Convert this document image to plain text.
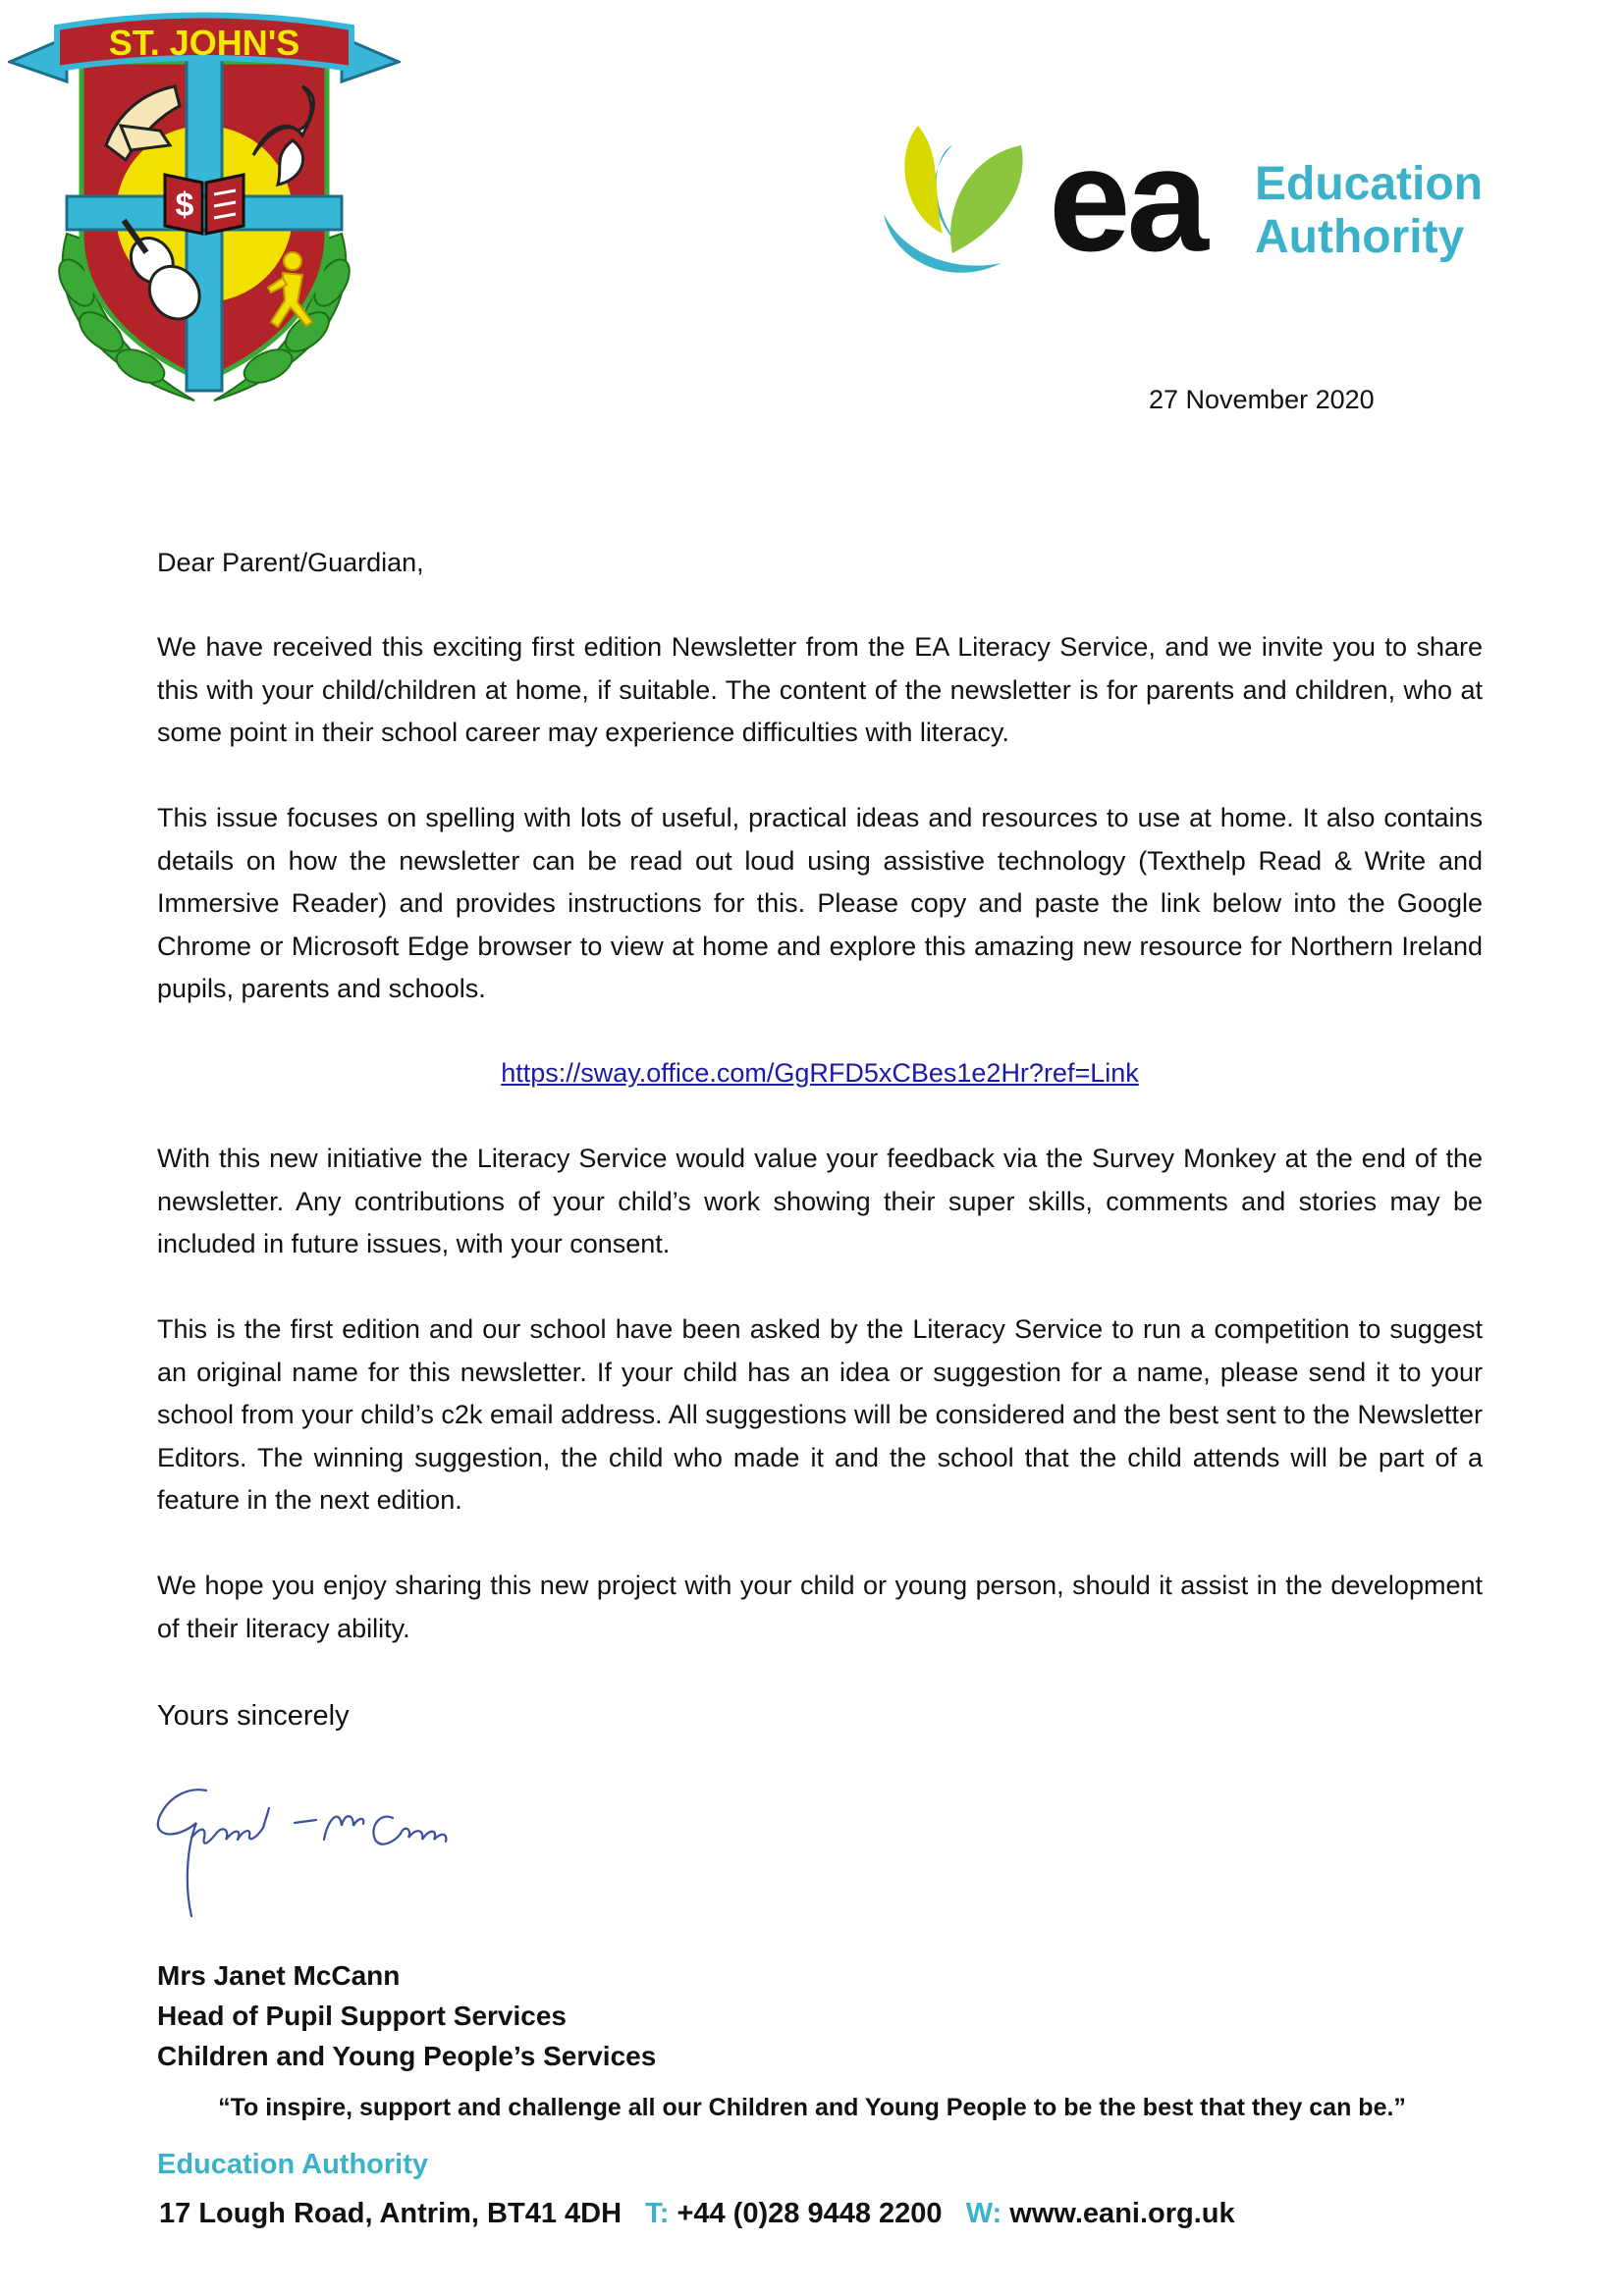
ST. JOHN'S
$	ea Education
Authority
27 November 2020
Dear Parent/Guardian,
We have received this exciting first edition Newsletter from the EA Literacy Service, and we invite you to share this with your child/children at home, if suitable. The content of the newsletter is for parents and children, who at some point in their school career may experience difficulties with literacy.
This issue focuses on spelling with lots of useful, practical ideas and resources to use at home. It also contains details on how the newsletter can be read out loud using assistive technology (Texthelp Read & Write and Immersive Reader) and provides instructions for this. Please copy and paste the link below into the Google Chrome or Microsoft Edge browser to view at home and explore this amazing new resource for Northern Ireland pupils, parents and schools.
https://sway.office.com/GgRFD5xCBes1e2Hr?ref=Link
With this new initiative the Literacy Service would value your feedback via the Survey Monkey at the end of the newsletter. Any contributions of your child’s work showing their super skills, comments and stories may be included in future issues, with your consent.
This is the first edition and our school have been asked by the Literacy Service to run a competition to suggest an original name for this newsletter. If your child has an idea or suggestion for a name, please send it to your school from your child’s c2k email address. All suggestions will be considered and the best sent to the Newsletter Editors. The winning suggestion, the child who made it and the school that the child attends will be part of a feature in the next edition.
We hope you enjoy sharing this new project with your child or young person, should it assist in the development of their literacy ability.
Yours sincerely
Mrs Janet McCann
Head of Pupil Support Services
Children and Young People’s Services
“To inspire, support and challenge all our Children and Young People to be the best that they can be.”
Education Authority
17 Lough Road, Antrim, BT41 4DH T: +44 (0)28 9448 2200 W: www.eani.org.uk
